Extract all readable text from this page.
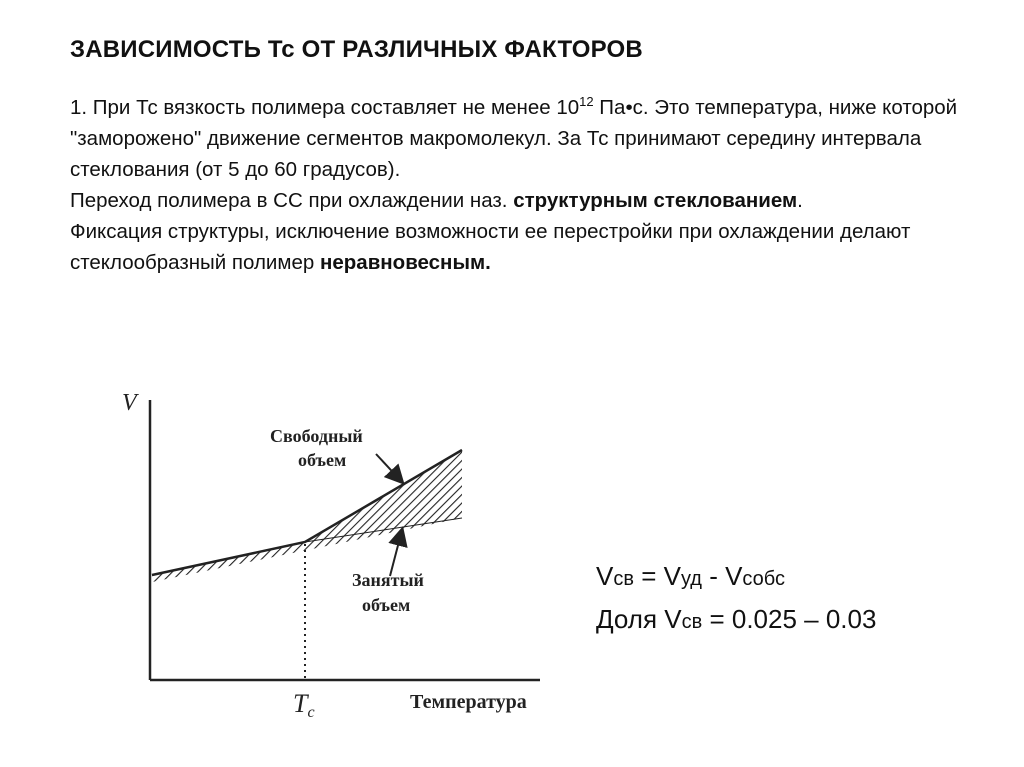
ЗАВИСИМОСТЬ Тс ОТ РАЗЛИЧНЫХ ФАКТОРОВ

1. При Тс вязкость полимера составляет не менее $10^{12}$ Па•с. Это температура, ниже которой "заморожено" движение сегментов макромолекул. За Тс принимают середину интервала стеклования (от 5 до 60 градусов).

Переход полимера в СС при охлаждении наз. структурным стеклованием.

Фиксация структуры, исключение возможности ее перестройки при охлаждении делают стеклообразный полимер неравновесным.

V
Свободный
объем
Занятый
объем
Tc	Температура
Vсв = Vуд - Vсобс
Доля Vсв = 0.025 – 0.03
